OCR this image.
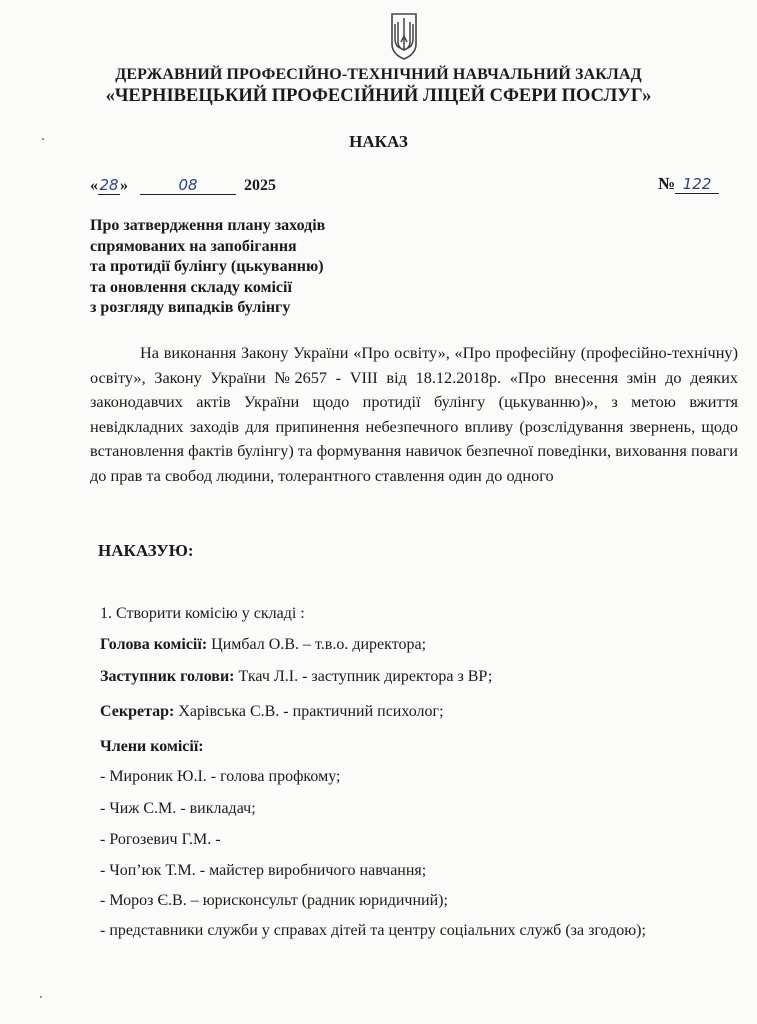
ДЕРЖАВНИЙ ПРОФЕСІЙНО-ТЕХНІЧНИЙ НАВЧАЛЬНИЙ ЗАКЛАД
«ЧЕРНІВЕЦЬКИЙ ПРОФЕСІЙНИЙ ЛІЦЕЙ СФЕРИ ПОСЛУГ»
НАКАЗ
«28»	08	2025	№ 122
Про затвердження плану заходів
спрямованих на запобігання
та протидії булінгу (цькуванню)
та оновлення складу комісії
з розгляду випадків булінгу

На виконання Закону України «Про освіту», «Про професійну (професійно-технічну) освіту», Закону України №2657 - VIII від 18.12.2018р. «Про внесення змін до деяких законодавчих актів України щодо протидії булінгу (цькуванню)», з метою вжиття невідкладних заходів для припинення небезпечного впливу (розслідування звернень, щодо встановлення фактів булінгу) та формування навичок безпечної поведінки, виховання поваги до прав та свобод людини, толерантного ставлення один до одного

НАКАЗУЮ:
1. Створити комісію у складі :
Голова комісії: Цимбал О.В. – т.в.о. директора;
Заступник голови: Ткач Л.І. - заступник директора з ВР;
Секретар: Харівська С.В. - практичний психолог;
Члени комісії:
- Мироник Ю.І. - голова профкому;
- Чиж С.М. - викладач;
- Рогозевич Г.М. -
- Чоп’юк Т.М. - майстер виробничого навчання;
- Мороз Є.В. – юрисконсульт (радник юридичний);
- представники служби у справах дітей та центру соціальних служб (за згодою);
